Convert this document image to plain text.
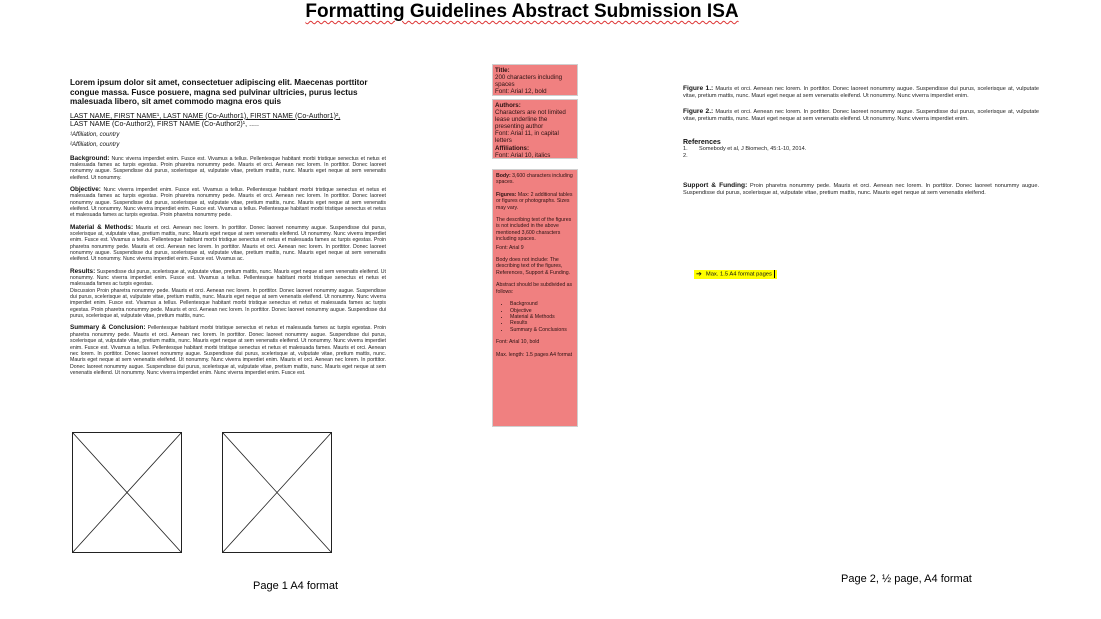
Formatting Guidelines Abstract Submission ISA
Lorem ipsum dolor sit amet, consectetuer adipiscing elit. Maecenas porttitor congue massa. Fusce posuere, magna sed pulvinar ultricies, purus lectus malesuada libero, sit amet commodo magna eros quis
LAST NAME, FIRST NAME¹, LAST NAME (Co-Author1), FIRST NAME (Co-Author1)²,
LAST NAME (Co-Author2), FIRST NAME (Co-Author2)¹, .....
¹Affiliation, country
²Affiliation, country
Background: Nunc viverra imperdiet enim. Fusce est. Vivamus a tellus. Pellentesque habitant morbi tristique senectus et netus et malesuada fames ac turpis egestas. Proin pharetra nonummy pede. Mauris et orci. Aenean nec lorem. In porttitor. Donec laoreet nonummy augue. Suspendisse dui purus, scelerisque at, vulputate vitae, pretium mattis, nunc. Mauris eget neque at sem venenatis eleifend. Ut nonummy.
Objective: Nunc viverra imperdiet enim. Fusce est. Vivamus a tellus. Pellentesque habitant morbi tristique senectus et netus et malesuada fames ac turpis egestas. Proin pharetra nonummy pede. Mauris et orci. Aenean nec lorem. In porttitor. Donec laoreet nonummy augue. Suspendisse dui purus, scelerisque at, vulputate vitae, pretium mattis, nunc. Mauris eget neque at sem venenatis eleifend. Ut nonummy. Nunc viverra imperdiet enim. Fusce est. Vivamus a tellus. Pellentesque habitant morbi tristique senectus et netus et malesuada fames ac turpis egestas. Proin pharetra nonummy pede.
Material & Methods: Mauris et orci. Aenean nec lorem. In porttitor. Donec laoreet nonummy augue. Suspendisse dui purus, scelerisque at, vulputate vitae, pretium mattis, nunc. Mauris eget neque at sem venenatis eleifend. Ut nonummy. Nunc viverra imperdiet enim. Fusce est. Vivamus a tellus. Pellentesque habitant morbi tristique senectus et netus et malesuada fames ac turpis egestas. Proin pharetra nonummy pede. Mauris et orci. Aenean nec lorem. In porttitor. Mauris et orci. Aenean nec lorem. In porttitor. Donec laoreet nonummy augue. Suspendisse dui purus, scelerisque at, vulputate vitae, pretium mattis, nunc. Mauris eget neque at sem venenatis eleifend. Ut nonummy. Nunc viverra imperdiet enim. Fusce est. Vivamus ac.
Results: Suspendisse dui purus, scelerisque at, vulputate vitae, pretium mattis, nunc. Mauris eget neque at sem venenatis eleifend. Ut nonummy. Nunc viverra imperdiet enim. Fusce est. Vivamus a tellus. Pellentesque habitant morbi tristique senectus et netus et malesuada fames ac turpis egestas.
Discussion Proin pharetra nonummy pede. Mauris et orci. Aenean nec lorem. In porttitor. Donec laoreet nonummy augue. Suspendisse dui purus, scelerisque at, vulputate vitae, pretium mattis, nunc. Mauris eget neque at sem venenatis eleifend. Ut nonummy. Nunc viverra imperdiet enim. Fusce est. Vivamus a tellus. Pellentesque habitant morbi tristique senectus et netus et malesuada fames ac turpis egestas. Proin pharetra nonummy pede. Mauris et orci. Aenean nec lorem. In porttitor. Donec laoreet nonummy augue. Suspendisse dui purus, scelerisque at, vulputate vitae, pretium mattis, nunc.
Summary & Conclusion: Pellentesque habitant morbi tristique senectus et netus et malesuada fames ac turpis egestas. Proin pharetra nonummy pede. Mauris et orci. Aenean nec lorem. In porttitor. Donec laoreet nonummy augue. Suspendisse dui purus, scelerisque at, vulputate vitae, pretium mattis, nunc. Mauris eget neque at sem venenatis eleifend. Ut nonummy. Nunc viverra imperdiet enim. Fusce est. Vivamus a tellus. Pellentesque habitant morbi tristique senectus et netus et malesuada fames. Mauris et orci. Aenean nec lorem. In porttitor. Donec laoreet nonummy augue. Suspendisse dui purus, scelerisque at, vulputate vitae, pretium mattis, nunc. Mauris eget neque at sem venenatis eleifend. Ut nonummy. Nunc viverra imperdiet enim. Mauris et orci. Aenean nec lorem. In porttitor. Donec laoreet nonummy augue. Suspendisse dui purus, scelerisque at, vulputate vitae, pretium mattis, nunc. Mauris eget neque at sem venenatis eleifend. Ut nonummy. Nunc viverra imperdiet enim. Nunc viverra imperdiet enim. Fusce est.
Page 1 A4 format
Title:
200 characters including spaces
Font: Arial 12, bold
Authors:
Characters are not limited lease underline the presenting author
Font: Arial 11, in capital letters
Affiliations:
Font: Arial 10, italics

Body: 3,600 characters including spaces.

Figures: Max: 2 additional tables or figures or photographs. Sizes may vary.

The describing text of the figures is not included in the above mentioned 3,600 characters including spaces.

Font: Arial 9

Body does not include: The describing text of the figures, References, Support & Funding.

Abstract should be subdivided as follows:

• Background
• Objective
• Material & Methods
• Results
• Summary & Conclusions

Font: Arial 10, bold

Max. length: 1.5 pages A4 format

Figure 1.: Mauris et orci. Aenean nec lorem. In porttitor. Donec laoreet nonummy augue. Suspendisse dui purus, scelerisque at, vulputate vitae, pretium mattis, nunc. Mauri eget neque at sem venenatis eleifend. Ut nonummy. Nunc viverra imperdiet enim.
Figure 2.: Mauris et orci. Aenean nec lorem. In porttitor. Donec laoreet nonummy augue. Suspendisse dui purus, scelerisque at, vulputate vitae, pretium mattis, nunc. Mauri eget neque at sem venenatis eleifend. Ut nonummy. Nunc viverra imperdiet enim.
References
1. Somebody et al, J Biomech, 45:1-10, 2014.
2.
Support & Funding: Proin pharetra nonummy pede. Mauris et orci. Aenean nec lorem. In porttitor. Donec laoreet nonummy augue. Suspendisse dui purus, scelerisque at, vulputate vitae, pretium mattis, nunc. Mauris eget neque at sem venenatis eleifend.
➔ Max. 1.5 A4 format pages
Page 2, ½ page, A4 format
